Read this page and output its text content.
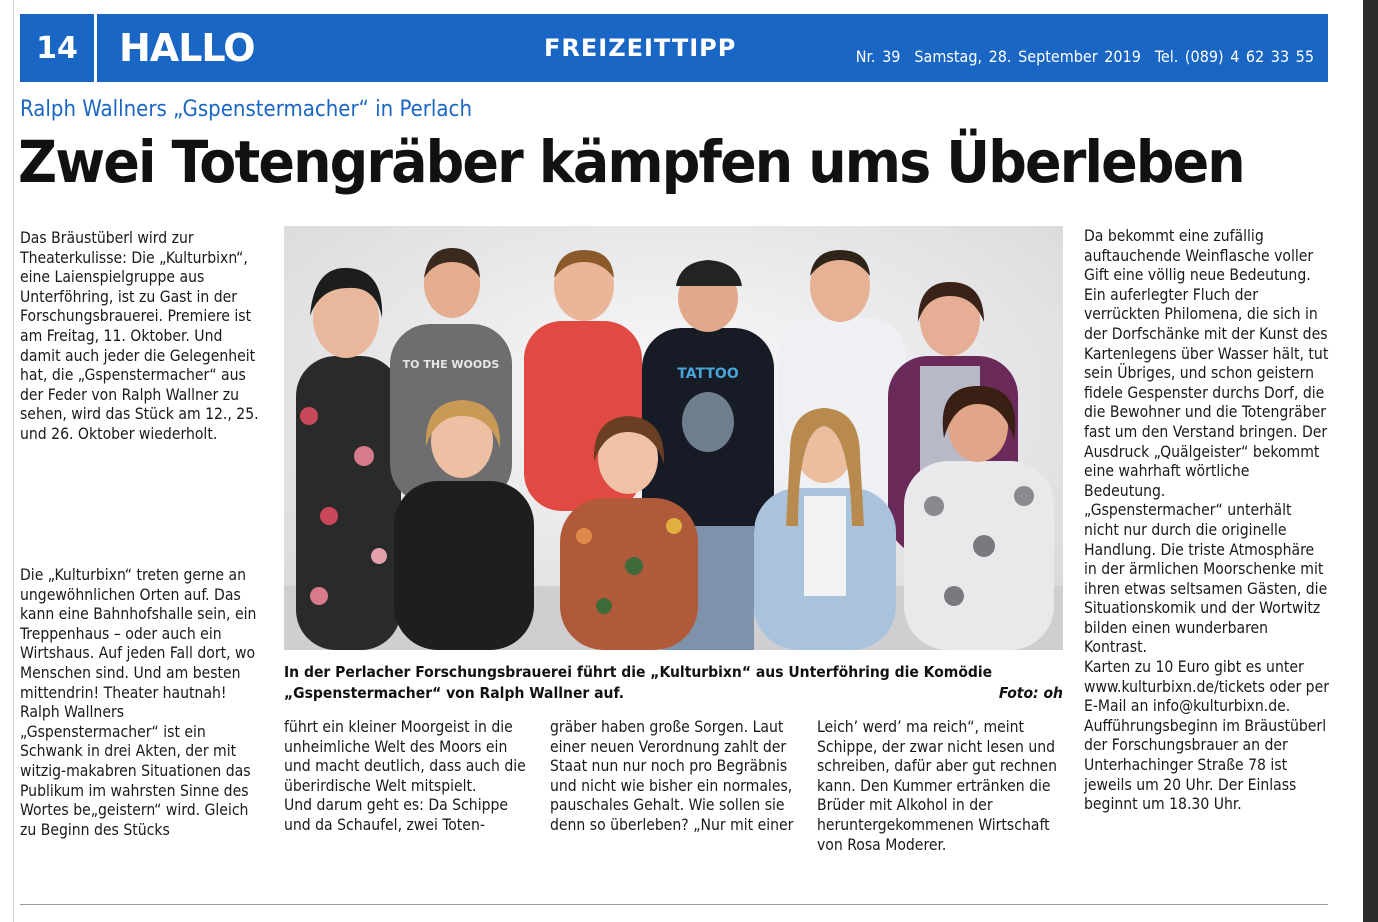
14	HALLO	FREIZEITTIPP	Nr. 39 Samstag, 28. September 2019 Tel. (089) 4 62 33 55
Ralph Wallners „Gspenstermacher“ in Perlach
Zwei Totengräber kämpfen ums Überleben

Das Bräustüberl wird zur Theaterkulisse: Die „Kulturbixn“, eine Laienspielgruppe aus Unterföhring, ist zu Gast in der Forschungsbrauerei. Premiere ist am Freitag, 11. Oktober. Und damit auch jeder die Gelegenheit hat, die „Gspenstermacher“ aus der Feder von Ralph Wallner zu sehen, wird das Stück am 12., 25. und 26. Oktober wiederholt.

Die „Kulturbixn“ treten gerne an ungewöhnlichen Orten auf. Das kann eine Bahnhofshalle sein, ein Treppenhaus – oder auch ein Wirtshaus. Auf jeden Fall dort, wo Menschen sind. Und am besten mittendrin! Theater hautnah! Ralph Wallners „Gspenstermacher“ ist ein Schwank in drei Akten, der mit witzig-makabren Situationen das Publikum im wahrsten Sinne des Wortes be„geistern“ wird. Gleich zu Beginn des Stücks

TO THE WOODS
TATTOO
In der Perlacher Forschungsbrauerei führt die „Kulturbixn“ aus Unterföhring die Komödie „Gspenstermacher“ von Ralph Wallner auf.	Foto: oh

führt ein kleiner Moorgeist in die unheimliche Welt des Moors ein und macht deutlich, dass auch die überirdische Welt mitspielt.

Und darum geht es: Da Schippe und da Schaufel, zwei Toten-

gräber haben große Sorgen. Laut einer neuen Verordnung zahlt der Staat nun nur noch pro Begräbnis und nicht wie bisher ein normales, pauschales Gehalt. Wie sollen sie denn so überleben? „Nur mit einer

Leich’ werd’ ma reich“, meint Schippe, der zwar nicht lesen und schreiben, dafür aber gut rechnen kann. Den Kummer ertränken die Brüder mit Alkohol in der heruntergekommenen Wirtschaft von Rosa Moderer.

Da bekommt eine zufällig auftauchende Weinflasche voller Gift eine völlig neue Bedeutung. Ein auferlegter Fluch der verrückten Philomena, die sich in der Dorfschänke mit der Kunst des Kartenlegens über Wasser hält, tut sein Übriges, und schon geistern fidele Gespenster durchs Dorf, die die Bewohner und die Totengräber fast um den Verstand bringen. Der Ausdruck „Quälgeister“ bekommt eine wahrhaft wörtliche Bedeutung.

„Gspenstermacher“ unterhält nicht nur durch die originelle Handlung. Die triste Atmosphäre in der ärmlichen Moorschenke mit ihren etwas seltsamen Gästen, die Situationskomik und der Wortwitz bilden einen wunderbaren Kontrast.

Karten zu 10 Euro gibt es unter www.kulturbixn.de/tickets oder per E-Mail an info@kulturbixn.de.

Aufführungsbeginn im Bräustüberl der Forschungsbrauer an der Unterhachinger Straße 78 ist jeweils um 20 Uhr. Der Einlass beginnt um 18.30 Uhr.
